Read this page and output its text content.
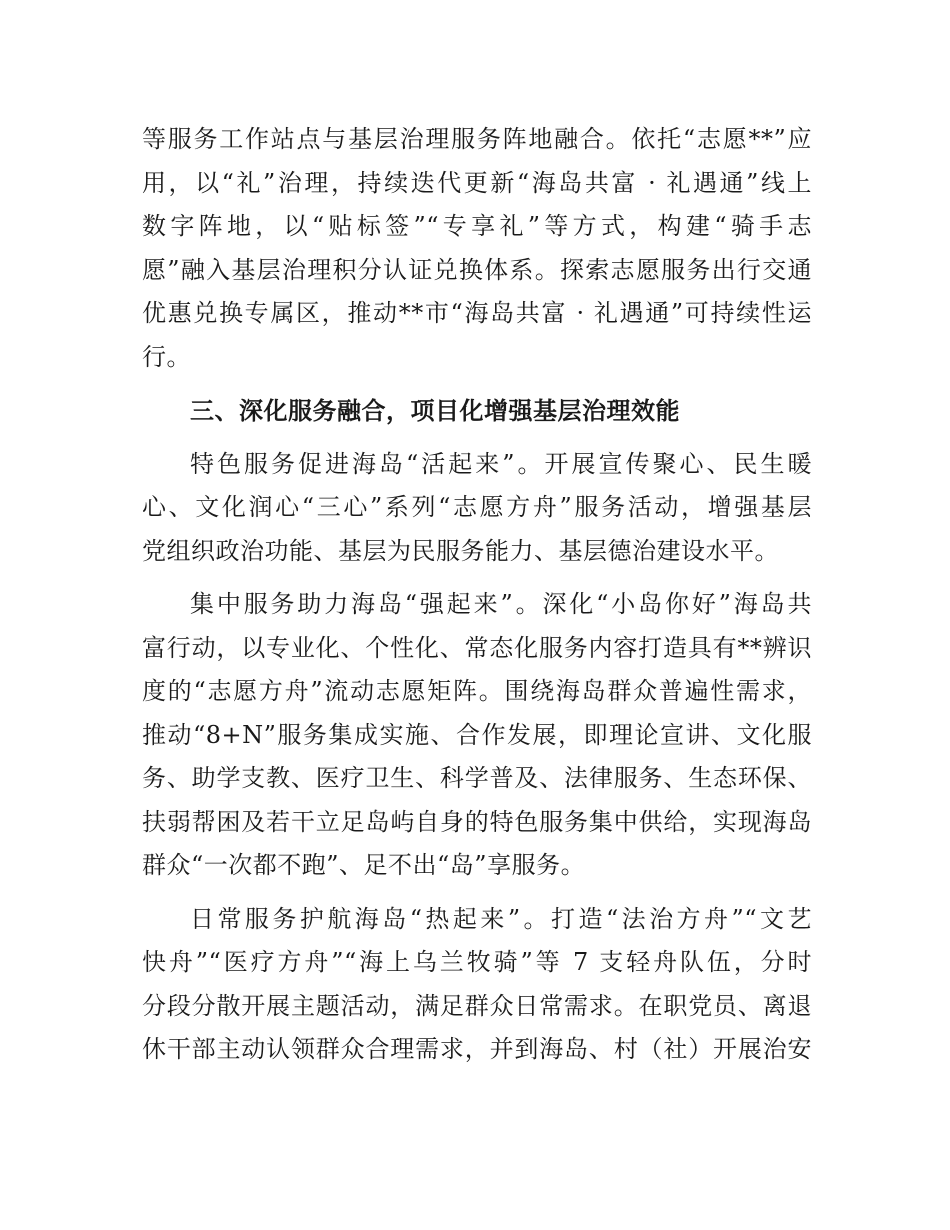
等服务工作站点与基层治理服务阵地融合。依托“志愿**”应
用，以“礼”治理，持续迭代更新“海岛共富 · 礼遇通”线上
数字阵地，以“贴标签”“专享礼”等方式，构建“骑手志
愿”融入基层治理积分认证兑换体系。探索志愿服务出行交通
优惠兑换专属区，推动**市“海岛共富 · 礼遇通”可持续性运
行。

三、深化服务融合，项目化增强基层治理效能

特色服务促进海岛“活起来”。开展宣传聚心、民生暖
心、文化润心“三心”系列“志愿方舟”服务活动，增强基层
党组织政治功能、基层为民服务能力、基层德治建设水平。

集中服务助力海岛“强起来”。深化“小岛你好”海岛共
富行动，以专业化、个性化、常态化服务内容打造具有**辨识
度的“志愿方舟”流动志愿矩阵。围绕海岛群众普遍性需求，
推动“8+N”服务集成实施、合作发展，即理论宣讲、文化服
务、助学支教、医疗卫生、科学普及、法律服务、生态环保、
扶弱帮困及若干立足岛屿自身的特色服务集中供给，实现海岛
群众“一次都不跑”、足不出“岛”享服务。

日常服务护航海岛“热起来”。打造“法治方舟”“文艺
快舟”“医疗方舟”“海上乌兰牧骑”等 7 支轻舟队伍，分时
分段分散开展主题活动，满足群众日常需求。在职党员、离退
休干部主动认领群众合理需求，并到海岛、村（社）开展治安
